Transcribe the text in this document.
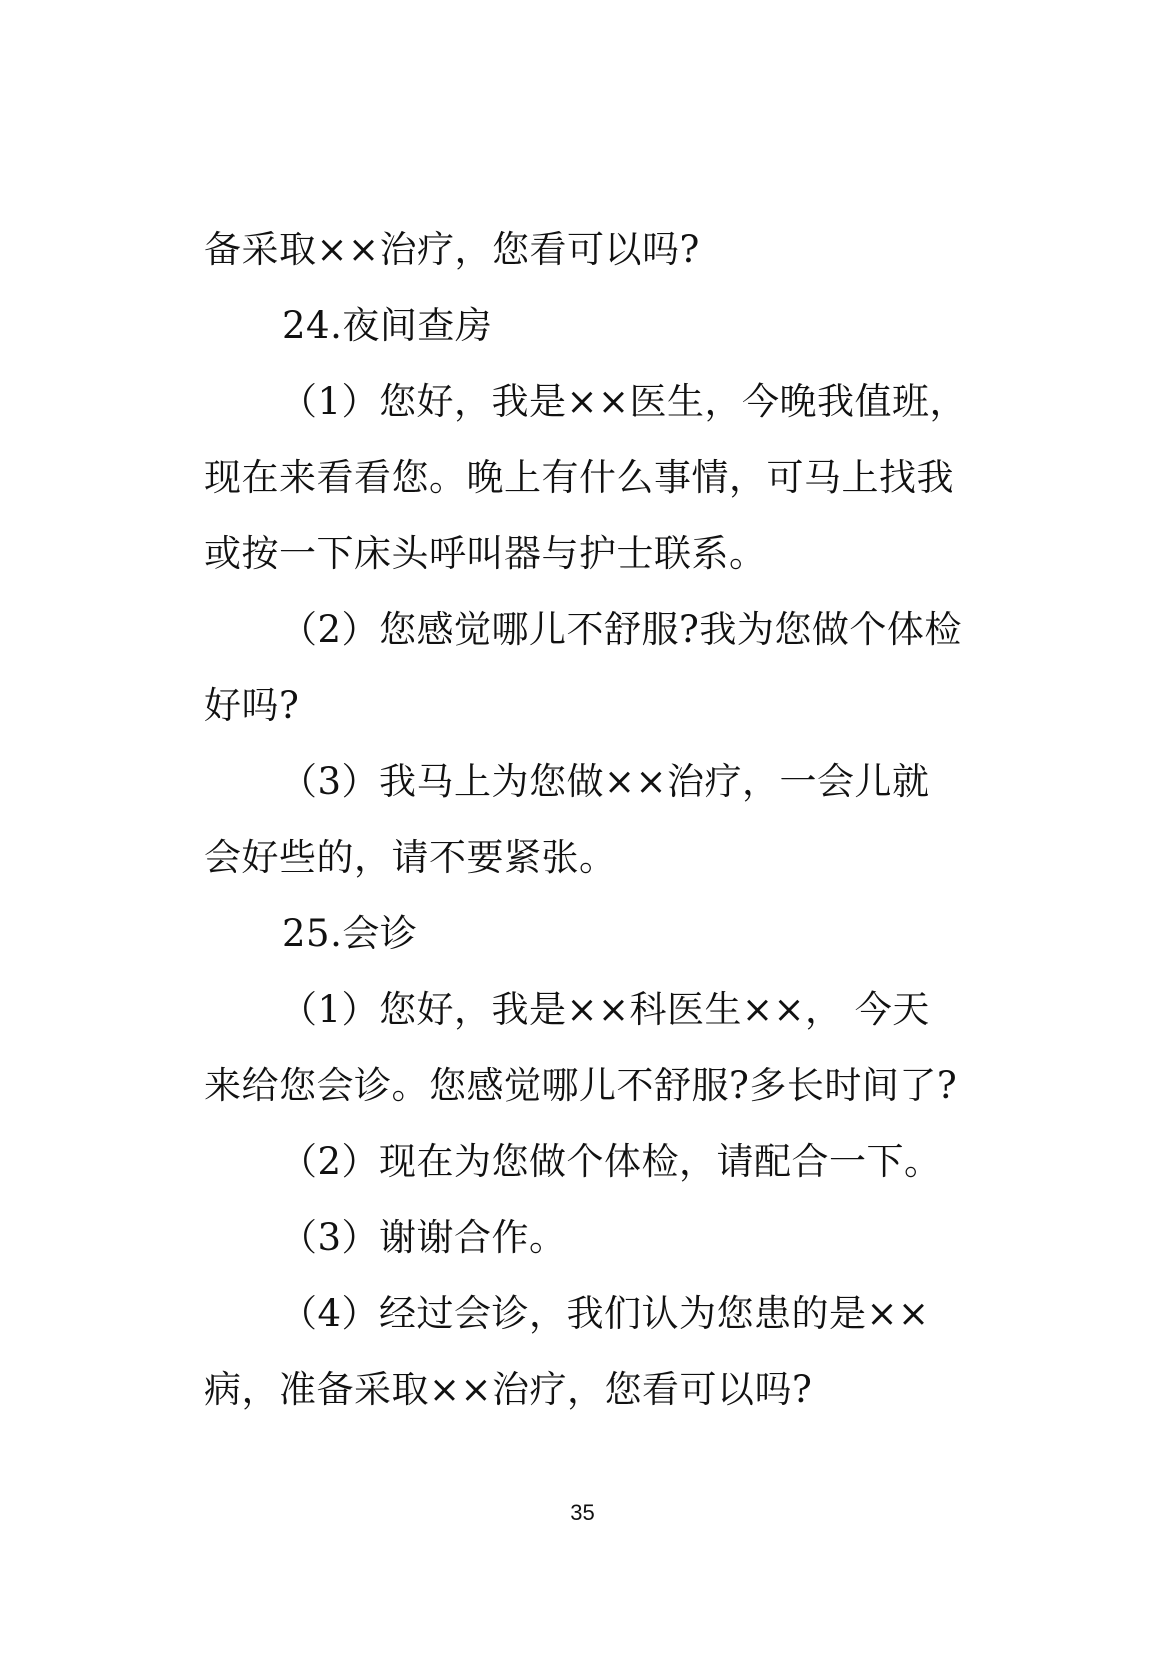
备采取××治疗，您看可以吗?
24.夜间查房
（1）您好，我是××医生，今晚我值班，
现在来看看您。晚上有什么事情，可马上找我
或按一下床头呼叫器与护士联系。
（2）您感觉哪儿不舒服?我为您做个体检
好吗?
（3）我马上为您做××治疗，一会儿就
会好些的，请不要紧张。
25.会诊
（1）您好，我是××科医生××， 今天
来给您会诊。您感觉哪儿不舒服?多长时间了?
（2）现在为您做个体检，请配合一下。
（3）谢谢合作。
（4）经过会诊，我们认为您患的是××
病，准备采取××治疗，您看可以吗?
35
